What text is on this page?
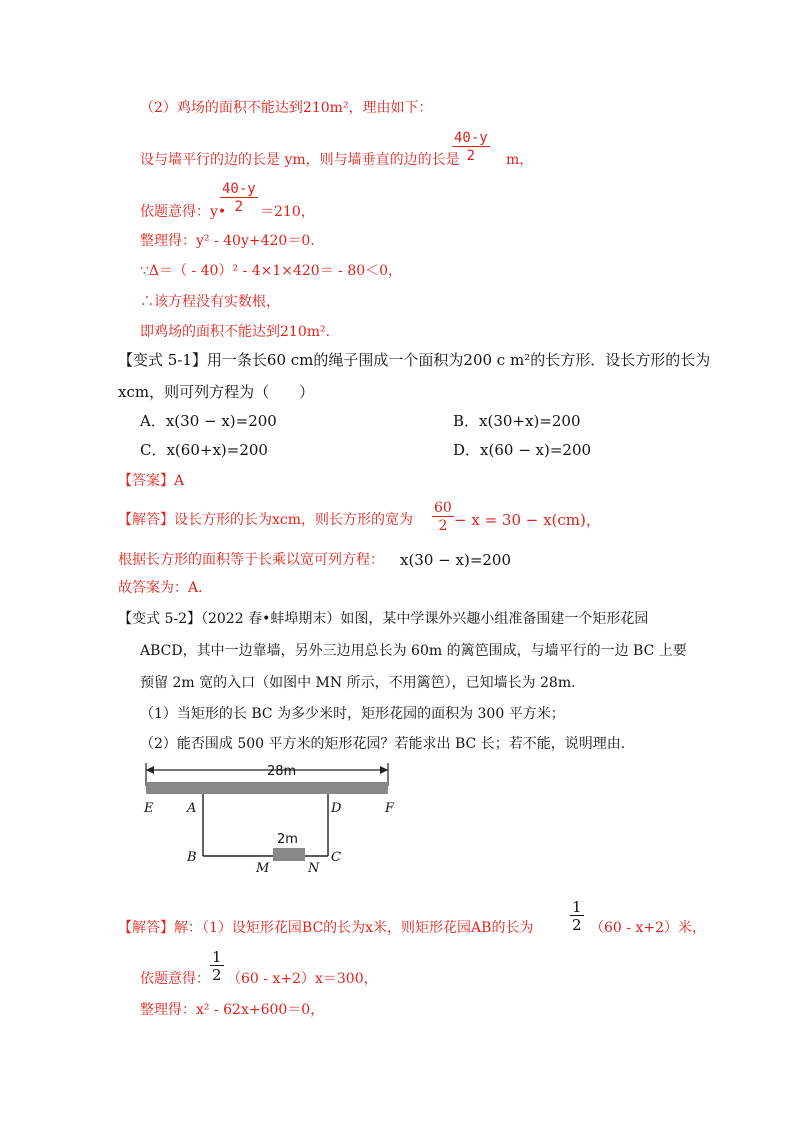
（2）鸡场的面积不能达到210m²，理由如下：
$\frac{40-y}{2}$
设与墙平行的边的长是 ym，则与墙垂直的边的长是	m，
$\frac{40-y}{2}$
依题意得：y• ＝210，
整理得：y² - 40y+420＝0.
∵Δ＝（ - 40）² - 4×1×420＝ - 80＜0，
∴该方程没有实数根，
即鸡场的面积不能达到210m².
【变式 5-1】用一条长60 cm的绳子围成一个面积为200 c m²的长方形．设长方形的长为
xcm，则可列方程为（　　）
A．x(30 − x)=200	B．x(30+x)=200
C．x(60+x)=200	D．x(60 − x)=200
【答案】A
$\frac{60}{2}$
【解答】设长方形的长为xcm，则长方形的宽为	− x = 30 − x(cm)，
根据长方形的面积等于长乘以宽可列方程： x(30 − x)=200
故答案为：A．
【变式 5-2】（2022 春•蚌埠期末）如图，某中学课外兴趣小组准备围建一个矩形花园
ABCD，其中一边靠墙，另外三边用总长为 60m 的篱笆围成，与墙平行的一边 BC 上要
预留 2m 宽的入口（如图中 MN 所示，不用篱笆），已知墙长为 28m.
（1）当矩形的长 BC 为多少米时，矩形花园的面积为 300 平方米；
（2）能否围成 500 平方米的矩形花园？若能求出 BC 长；若不能，说明理由.
28m
2m
E	A	D	F
B
M	N
C
$\frac{1}{2}$
【解答】解：（1）设矩形花园BC的长为x米，则矩形花园AB的长为	（60 - x+2）米，
$\frac{1}{2}$
依题意得： （60 - x+2）x＝300，
整理得：x² - 62x+600＝0，
